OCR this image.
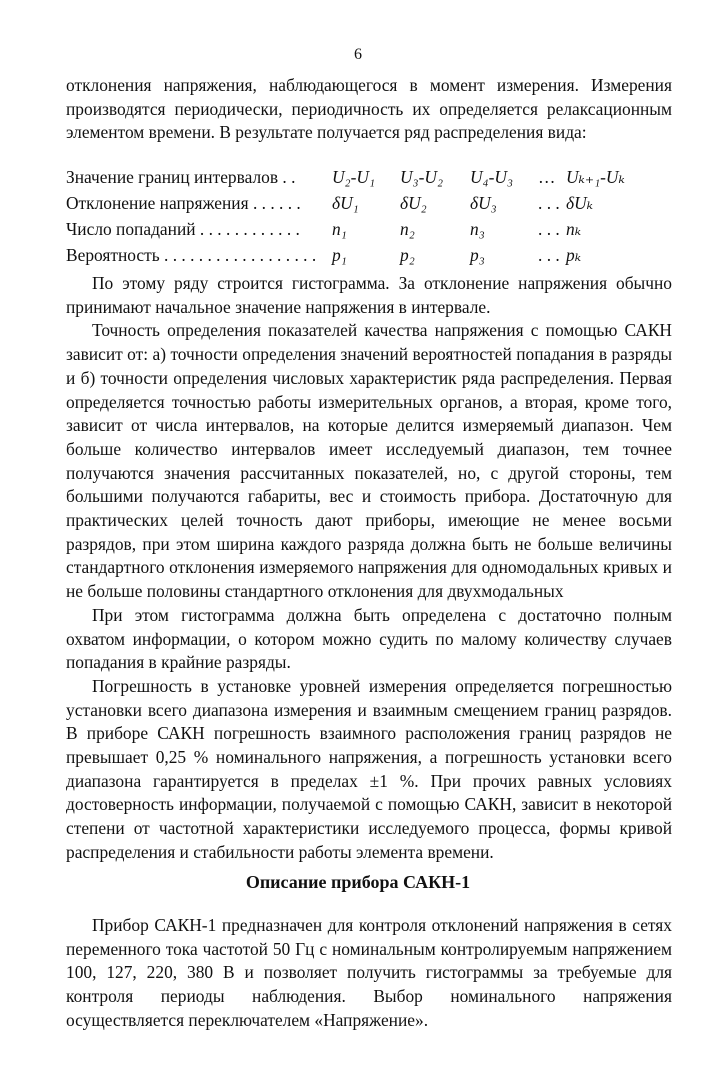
6

отклонения напряжения, наблюдающегося в момент измерения. Измерения производятся периодически, периодичность их определяется релаксационным элементом времени. В результате получается ряд распределения вида:

Значение границ интервалов . . U₂-U₁ U₃-U₂ U₄-U₃ … Uₖ₊₁-Uₖ
Отклонение напряжения . . . . . . δU₁ δU₂ δU₃ . . . δUₖ
Число попаданий . . . . . . . . . . . . n₁	n₂	n₃	. . . nₖ
Вероятность . . . . . . . . . . . . . . . . . . p₁	p₂	p₃	. . . pₖ

По этому ряду строится гистограмма. За отклонение напряжения обычно принимают начальное значение напряжения в интервале.

Точность определения показателей качества напряжения с помощью САКН зависит от: а) точности определения значений вероятностей попадания в разряды и б) точности определения числовых характеристик ряда распределения. Первая определяется точностью работы измерительных органов, а вторая, кроме того, зависит от числа интервалов, на которые делится измеряемый диапазон. Чем больше количество интервалов имеет исследуемый диапазон, тем точнее получаются значения рассчитанных показателей, но, с другой стороны, тем большими получаются габариты, вес и стоимость прибора. Достаточную для практических целей точность дают приборы, имеющие не менее восьми разрядов, при этом ширина каждого разряда должна быть не больше величины стандартного отклонения измеряемого напряжения для одномодальных кривых и не больше половины стандартного отклонения для двухмодальных

При этом гистограмма должна быть определена с достаточно полным охватом информации, о котором можно судить по малому количеству случаев попадания в крайние разряды.

Погрешность в установке уровней измерения определяется погрешностью установки всего диапазона измерения и взаимным смещением границ разрядов. В приборе САКН погрешность взаимного расположения границ разрядов не превышает 0,25 % номинального напряжения, а погрешность установки всего диапазона гарантируется в пределах ±1 %. При прочих равных условиях достоверность информации, получаемой с помощью САКН, зависит в некоторой степени от частотной характеристики исследуемого процесса, формы кривой распределения и стабильности работы элемента времени.

Описание прибора САКН-1

Прибор САКН-1 предназначен для контроля отклонений напряжения в сетях переменного тока частотой 50 Гц с номинальным контролируемым напряжением 100, 127, 220, 380 В и позволяет получить гистограммы за требуемые для контроля периоды наблюдения. Выбор номинального напряжения осуществляется переключателем «Напряжение».
